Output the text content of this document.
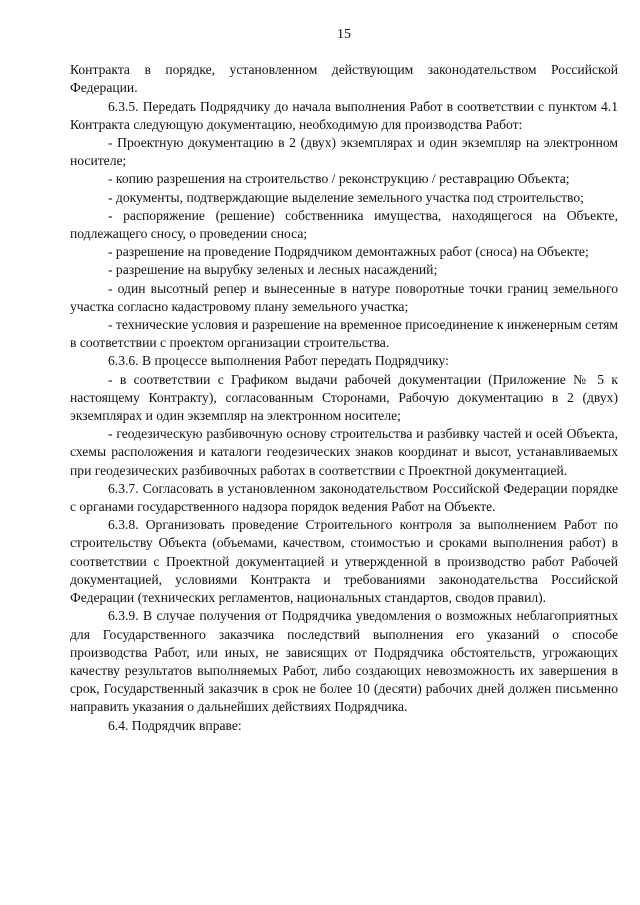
15

Контракта в порядке, установленном действующим законодательством Российской Федерации.

6.3.5. Передать Подрядчику до начала выполнения Работ в соответствии с пунктом 4.1 Контракта следующую документацию, необходимую для производства Работ:

- Проектную документацию в 2 (двух) экземплярах и один экземпляр на электронном носителе;

- копию разрешения на строительство / реконструкцию / реставрацию Объекта;

- документы, подтверждающие выделение земельного участка под строительство;

- распоряжение (решение) собственника имущества, находящегося на Объекте, подлежащего сносу, о проведении сноса;

- разрешение на проведение Подрядчиком демонтажных работ (сноса) на Объекте;

- разрешение на вырубку зеленых и лесных насаждений;

- один высотный репер и вынесенные в натуре поворотные точки границ земельного участка согласно кадастровому плану земельного участка;

- технические условия и разрешение на временное присоединение к инженерным сетям в соответствии с проектом организации строительства.

6.3.6. В процессе выполнения Работ передать Подрядчику:

- в соответствии с Графиком выдачи рабочей документации (Приложение № 5 к настоящему Контракту), согласованным Сторонами, Рабочую документацию в 2 (двух) экземплярах и один экземпляр на электронном носителе;

- геодезическую разбивочную основу строительства и разбивку частей и осей Объекта, схемы расположения и каталоги геодезических знаков координат и высот, устанавливаемых при геодезических разбивочных работах в соответствии с Проектной документацией.

6.3.7. Согласовать в установленном законодательством Российской Федерации порядке с органами государственного надзора порядок ведения Работ на Объекте.

6.3.8. Организовать проведение Строительного контроля за выполнением Работ по строительству Объекта (объемами, качеством, стоимостью и сроками выполнения работ) в соответствии с Проектной документацией и утвержденной в производство работ Рабочей документацией, условиями Контракта и требованиями законодательства Российской Федерации (технических регламентов, национальных стандартов, сводов правил).

6.3.9. В случае получения от Подрядчика уведомления о возможных неблагоприятных для Государственного заказчика последствий выполнения его указаний о способе производства Работ, или иных, не зависящих от Подрядчика обстоятельств, угрожающих качеству результатов выполняемых Работ, либо создающих невозможность их завершения в срок, Государственный заказчик в срок не более 10 (десяти) рабочих дней должен письменно направить указания о дальнейших действиях Подрядчика.

6.4. Подрядчик вправе:
